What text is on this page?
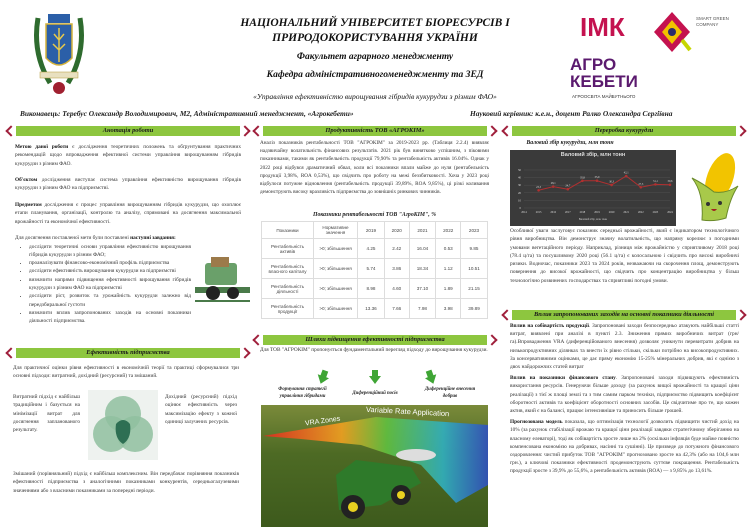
НАЦІОНАЛЬНИЙ УНІВЕРСИТЕТ БІОРЕСУРСІВ І ПРИРОДОКОРИСТУВАННЯ УКРАЇНИ
Факультет аграрного менеджменту
Кафедра адміністративногоменеджменту та ЗЕД
«Управління ефективністю вирощування гібридів кукурудзи з різним ФАО»
ІМК	SMART GREEN COMPANY
АГРО КЕБЕТИ
АГРООСВІТА МАЙБУТНЬОГО
Виконавець: Теребус Олександр Володимирович, М2, Адміністративний менеджмент, «Агрокебети»	Науковий керівник: к.е.н., доцент Ралко Олександра Сергіївна
Анотація роботи

Метою даної роботи є дослідження теоретичних положень та обґрунтування практичних рекомендацій щодо впровадження ефективної системи управління вирощуванням гібридів кукурудзи з різним ФАО.

Об'єктом дослідження виступає система управління ефективністю вирощування гібридів кукурудзи з різним ФАО на підприємстві.

Предметом дослідження є процес управління вирощуванням гібридів кукурудзи, що охоплює етапи планування, організації, контролю та аналізу, спрямовані на досягнення максимальної врожайності та економічної ефективності.

Для досягнення поставленої мети були поставлені наступні завдання:

• дослідити теоретичні основи управління ефективністю вирощування гібридів кукурудзи з різним ФАО;
• проаналізувати фінансово-економічний профіль підприємства
• дослідити ефективність вирощування кукурудзи на підприємстві
• визначити напрями підвищення ефективності вирощування гібридів кукурудзи з різним ФАО на підприємстві
• дослідити ріст, розвиток та урожайність кукурудзи залежно від передзбиральної густоти
• визначити вплив запропонованих заходів на основні показники діяльності підприємства.
Ефективність підприємства
Для практичної оцінки рівня ефективності в економічній теорії та практиці сформувалися три основні підходи: витратний, дохідний (ресурсний) та змішаний.
Витратний підхід є найбільш традиційним і базується на мінімізації витрат для досягнення запланованого результату.
Дохідний (ресурсний) підхід оцінює ефективність через максимізацію ефекту з кожної одиниці залучених ресурсів.
Змішаний (порівняльний) підхід є найбільш комплексним. Він передбачає порівняння показників ефективності підприємства з аналогічними показниками конкурентів, середньогалузевими значеннями або з власними показниками за попередні періоди.
Продуктивність ТОВ «АГРОКІМ»
Аналіз показників рентабельності ТОВ "АГРОКІМ" за 2019-2023 рр. (Таблиця 2.2.4) виявляє надзвичайну волатильність фінансових результатів. 2021 рік був винятково успішним, з піковими показниками, такими як рентабельність продукції 79,90% та рентабельність активів 16.04%. Однак у 2022 році відбувся драматичний обвал, коли всі показники впали майже до нуля (рентабельність продукції 3,98%, ROA 0,53%), що свідчить про роботу на межі беззбитковості. Хоча у 2023 році відбулося потужне відновлення (рентабельність продукції 39,89%, ROA 9,85%), ці різкі коливання демонструють високу вразливість підприємства до зовнішніх ринкових чинників.
Показники рентабельності ТОВ "АгроКІМ", %
Показники	Нормативне значення	2019	2020	2021	2022	2023
Рентабельність активів	>0; збільшення	4.25	2.42	16.04	0.53	9.85
Рентабельність власного капіталу	>0; збільшення	5.74	3.86	18.34	1.12	10.51
Рентабельність діяльності	>0; збільшення	8.98	4.60	37.10	1.89	21.15
Рентабельність продукції	>0; збільшення	13.36	7.66	7.98	3.98	39.89
Шляхи підвищення ефективності підприємства
Для ТОВ "АГРОКІМ" пропонується фундаментальний перегляд підходу до вирощування кукурудзи.
Формування стратегії управління гібридами
Диференційний посів
Диференційне внесення добрив
Variable Rate Application
VRA Zones
Переробка кукурудзи
Валовий збір кукурудзи, млн тонн
Валовий збір, млн тонн
0
10
20
30
40
50
2014	2015	2016	2017	2018	2019	2020	2021	2022	2023	2024
23,3
28,1
24,7
35,8	35,9
30,3
42,1
27,3
31,1	30,6
Валовий збір, млн тонн
Особливої уваги заслуговує показник середньої врожайності, який є індикатором технологічного рівня виробництва. Він демонструє значну волатильність, що напряму корелює з погодними умовами вегетаційного періоду. Наприклад, різниця між врожайністю у сприятливому 2018 році (78.4 ц/га) та посушливому 2020 році (56.1 ц/га) є колосальною і свідчить про високі виробничі ризики. Водночас, показники 2023 та 2024 років, незважаючи на скорочення площ, демонструють повернення до високої врожайності, що свідчить про концентрацію виробництва у більш технологічно розвинених господарствах та сприятливі погодні умови.
Вплив запропонованих заходів на основні показники діяльності

Вплив на собівартість продукції. Запропоновані заходи безпосередньо атакують найбільші статті витрат, виявлені при аналізі в пункті 2.3. Зниження прямих виробничих витрат (грн/га).Впровадження VRA (диференційованого внесення) дозволяє уникнути перевитрати добрив на низькопродуктивних ділянках та внести їх рівно стільки, скільки потрібно на високопродуктивних. За консервативними оцінками, це дає пряму економію 15-25% мінеральних добрив, які є однією з двох найдорожчих статей витрат

Вплив на показники фінансового стану. Запропоновані заходи підвищують ефективність використання ресурсів. Генеруючи більше доходу (за рахунок вищої врожайності та кращої ціни реалізації) з тієї ж площі землі та з тим самим парком техніки, підприємство підвищить коефіцієнт оборотності активів та коефіцієнт оборотності основних засобів. Це свідчитиме про те, що кожен актив, який є на балансі, працює інтенсивніше та приносить більше грошей.

Прогнозована модель показала, що оптимізація технології дозволить підвищити чистий дохід на 10% (за рахунок стабілізації врожаю та кращої ціни реалізації завдяки стратегічному зберіганню на власному елеваторі), тоді як собівартість зросте лише на 2% (оскільки інфляція буде майже повністю компенсована економією на добривах, насінні та сушінні). Це призведе до потужного фінансового оздоровлення: чистий прибуток ТОВ "АГРОКІМ" прогнозовано зросте на 42,3% (або на 104,6 млн грн.), а ключові показники ефективності продемонструють суттєве покращення. Рентабельність продукції зросте з 39,9% до 55,6%, а рентабельність активів (ROA) — з 9,85% до 13,61%.
